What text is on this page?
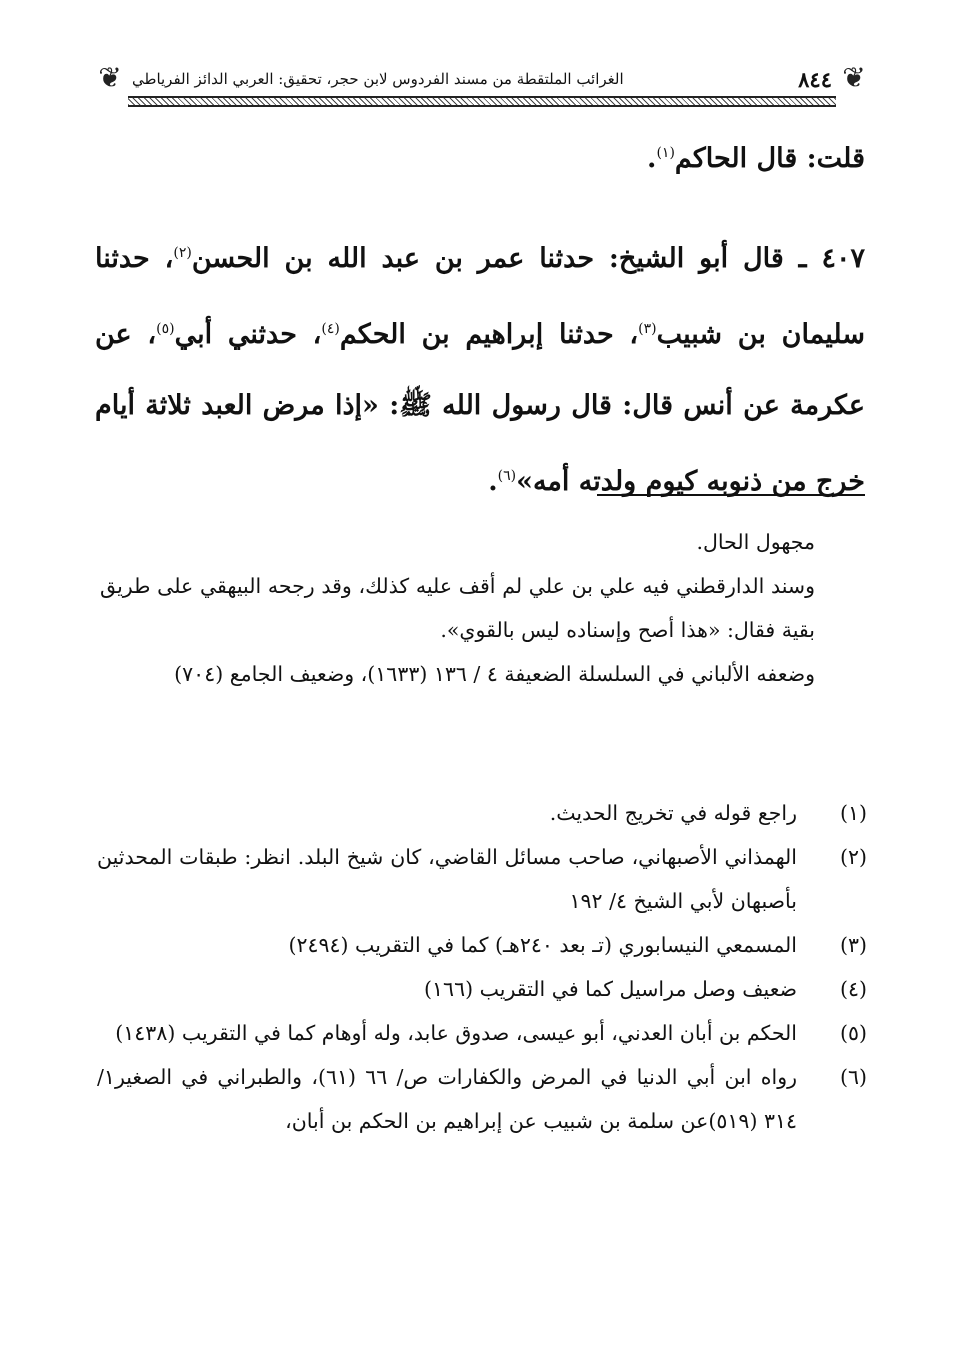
❦
❦	٨٤٤
الغرائب الملتقطة من مسند الفردوس لابن حجر، تحقيق: العربي الدائز الفرياطي

قلت: قال الحاكم$^{(١)}$.

٤٠٧ ـ قال أبو الشيخ: حدثنا عمر بن عبد الله بن الحسن$^{(٢)}$، حدثنا سليمان بن شبيب$^{(٣)}$، حدثنا إبراهيم بن الحكم$^{(٤)}$، حدثني أبي$^{(٥)}$، عن عكرمة عن أنس قال: قال رسول الله ﷺ: «إذا مرض العبد ثلاثة أيام خرج من ذنوبه كيوم ولدته أمه»$^{(٦)}$.

مجهول الحال.

وسند الدارقطني فيه علي بن علي لم أقف عليه كذلك، وقد رجحه البيهقي على طريق بقية فقال: «هذا أصح وإسناده ليس بالقوي».

وضعفه الألباني في السلسلة الضعيفة ٤ / ١٣٦ (١٦٣٣)، وضعيف الجامع (٧٠٤)

(١)
راجع قوله في تخريج الحديث.
(٢)
الهمذاني الأصبهاني، صاحب مسائل القاضي، كان شيخ البلد. انظر: طبقات المحدثين بأصبهان لأبي الشيخ ٤/ ١٩٢
(٣)
المسمعي النيسابوري (تـ بعد ٢٤٠هـ) كما في التقريب (٢٤٩٤)
(٤)
ضعيف وصل مراسيل كما في التقريب (١٦٦)
(٥)
الحكم بن أبان العدني، أبو عيسى، صدوق عابد، وله أوهام كما في التقريب (١٤٣٨)
(٦)
رواه ابن أبي الدنيا في المرض والكفارات ص/ ٦٦ (٦١)، والطبراني في الصغير١/ ٣١٤ (٥١٩)عن سلمة بن شبيب عن إبراهيم بن الحكم بن أبان،
